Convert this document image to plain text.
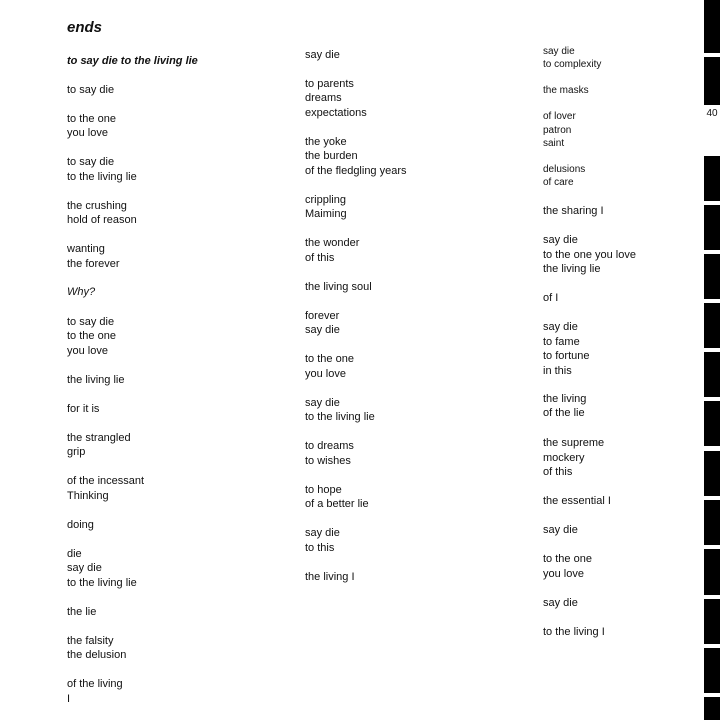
ends
to say die to the living lie
to say die
to the one
you love
to say die
to the living lie
the crushing
hold of reason
wanting
the forever
Why?
to say die
to the one
you love
the living lie
for it is
the strangled
grip
of the incessant
Thinking
doing
die
say die
to the living lie
the lie
the falsity
the delusion
of the living
I
say die
to parents
dreams
expectations
the yoke
the burden
of the fledgling years
crippling
Maiming
the wonder
of this
the living soul
forever
say die
to the one
you love
say die
to the living lie
to dreams
to wishes
to hope
of a better lie
say die
to this
the living I
say die
to complexity
the masks
of lover
patron
saint
delusions
of care
the sharing I
say die
to the one you love
the living lie
of I
say die
to fame
to fortune
in this
the living
of the lie
the supreme
mockery
of this
the essential I
say die
to the one
you love
say die
to the living I
40
